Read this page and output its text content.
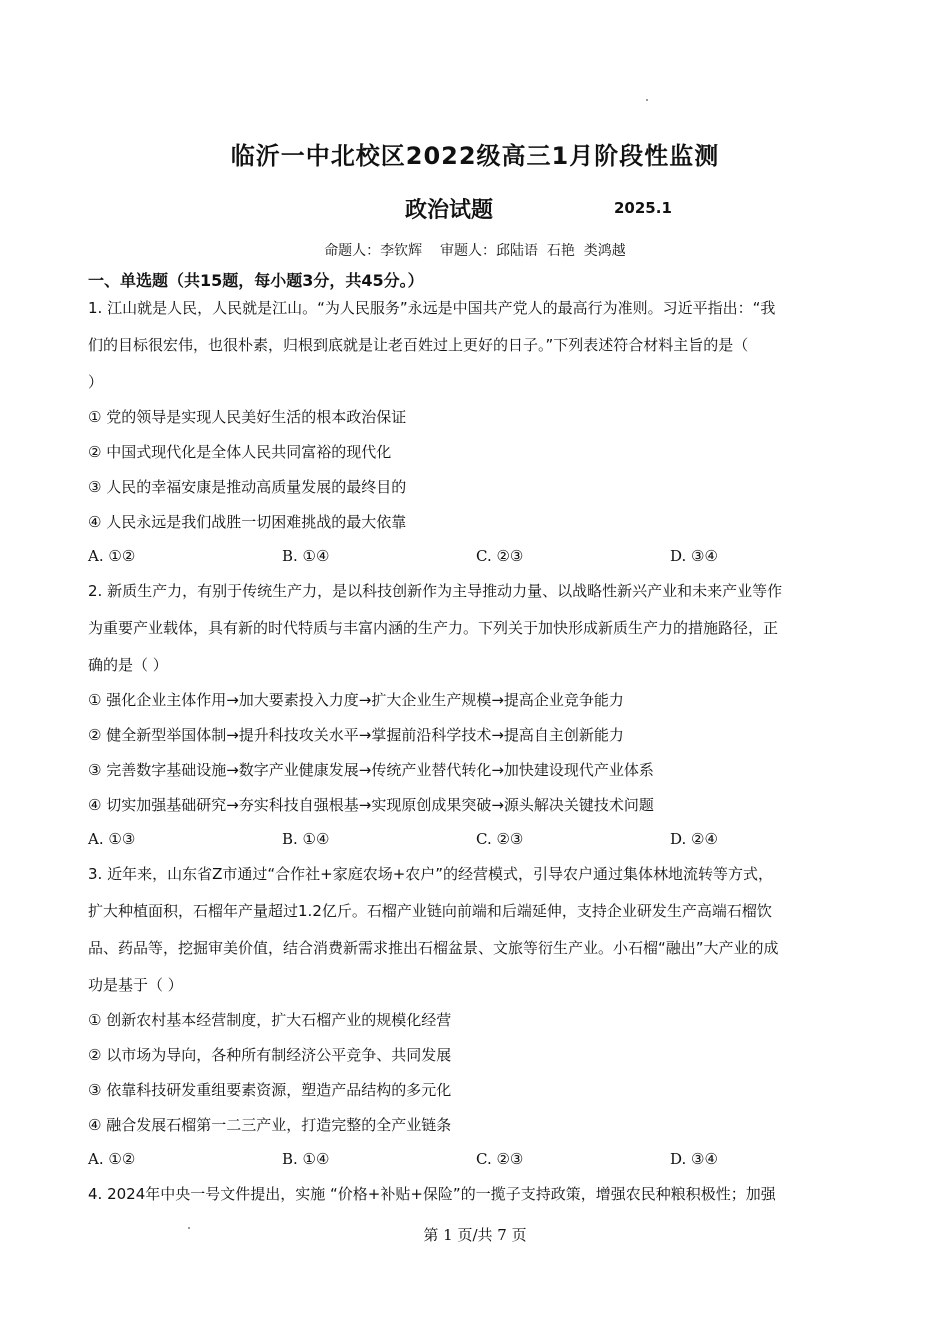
临沂一中北校区2022级高三1月阶段性监测
政治试题	2025.1
命题人：李钦辉    审题人：邱陆语  石艳  类鸿越
一、单选题（共15题，每小题3分，共45分。）
1. 江山就是人民，人民就是江山。“为人民服务”永远是中国共产党人的最高行为准则。习近平指出：“我
们的目标很宏伟，也很朴素，归根到底就是让老百姓过上更好的日子。”下列表述符合材料主旨的是（
）
① 党的领导是实现人民美好生活的根本政治保证
② 中国式现代化是全体人民共同富裕的现代化
③ 人民的幸福安康是推动高质量发展的最终目的
④ 人民永远是我们战胜一切困难挑战的最大依靠
A. ①②	B. ①④	C. ②③	D. ③④
2. 新质生产力，有别于传统生产力，是以科技创新作为主导推动力量、以战略性新兴产业和未来产业等作
为重要产业载体，具有新的时代特质与丰富内涵的生产力。下列关于加快形成新质生产力的措施路径，正
确的是（ ）
① 强化企业主体作用→加大要素投入力度→扩大企业生产规模→提高企业竞争能力
② 健全新型举国体制→提升科技攻关水平→掌握前沿科学技术→提高自主创新能力
③ 完善数字基础设施→数字产业健康发展→传统产业替代转化→加快建设现代产业体系
④ 切实加强基础研究→夯实科技自强根基→实现原创成果突破→源头解决关键技术问题
A. ①③	B. ①④	C. ②③	D. ②④
3. 近年来，山东省Z市通过“合作社+家庭农场+农户”的经营模式，引导农户通过集体林地流转等方式，
扩大种植面积，石榴年产量超过1.2亿斤。石榴产业链向前端和后端延伸，支持企业研发生产高端石榴饮
品、药品等，挖掘审美价值，结合消费新需求推出石榴盆景、文旅等衍生产业。小石榴“融出”大产业的成
功是基于（ ）
① 创新农村基本经营制度，扩大石榴产业的规模化经营
② 以市场为导向，各种所有制经济公平竞争、共同发展
③ 依靠科技研发重组要素资源，塑造产品结构的多元化
④ 融合发展石榴第一二三产业，打造完整的全产业链条
A. ①②	B. ①④	C. ②③	D. ③④
4. 2024年中央一号文件提出，实施 “价格+补贴+保险”的一揽子支持政策，增强农民种粮积极性；加强
第 1 页/共 7 页
